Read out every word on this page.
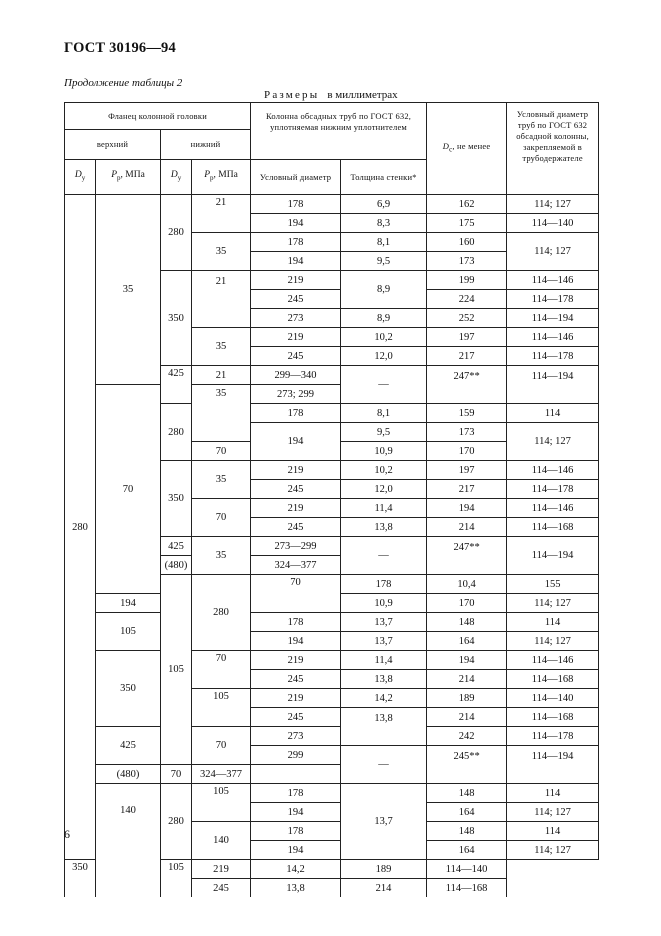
ГОСТ 30196—94
Продолжение таблицы 2
Размеры в миллиметрах
Фланец колонной головки				Колонна обсадных труб по ГОСТ 632, уплотняемая нижним уплотнителем		$D_c$, не менее	Условный диаметр труб по ГОСТ 632 обсадной колонны, закрепляемой в трубодержателе	
верхний		нижний						
$D_y$	$P_p$, МПа	$D_y$	$P_p$, МПа	Условный диаметр	Толщина стенки*			
280	35	280	21	178	6,9	162	114; 127	
				194	8,3	175	114—140	
			35	178	8,1	160	114; 127	
				194	9,5	173		
		350	21	219	8,9	199	114—146	
				245		224	114—178	
				273	8,9	252	114—194	
			35	219	10,2	197	114—146	
				245	12,0	217	114—178	
		425	21	299—340	—	247**	114—194	
	70		35	273; 299				
		280		178	8,1	159	114	
				194	9,5	173	114; 127	
			70		10,9	170		
		350	35	219	10,2	197	114—146	
				245	12,0	217	114—178	
			70	219	11,4	194	114—146	
				245	13,8	214	114—168	
		425	35	273—299	—	247**	114—194	
		(480)		324—377				
		105	280	70	178	10,4	155	
	194				10,9	170	114; 127	
	105			178	13,7	148	114	
				194	13,7	164	114; 127	
	350		70	219	11,4	194	114—146	
				245	13,8	214	114—168	
			105	219	14,2	189	114—140	
				245	13,8	214	114—168	
	425		70	273		242	114—178	
				299	—	245**	114—194	
	(480)	70	324—377					
	140	280	105	178	13,7	148	114	
				194		164	114; 127	
			140	178		148	114	
				194		164	114; 127	
350		105	219	14,2	189	114—140		
			245	13,8	214	114—168		
6
